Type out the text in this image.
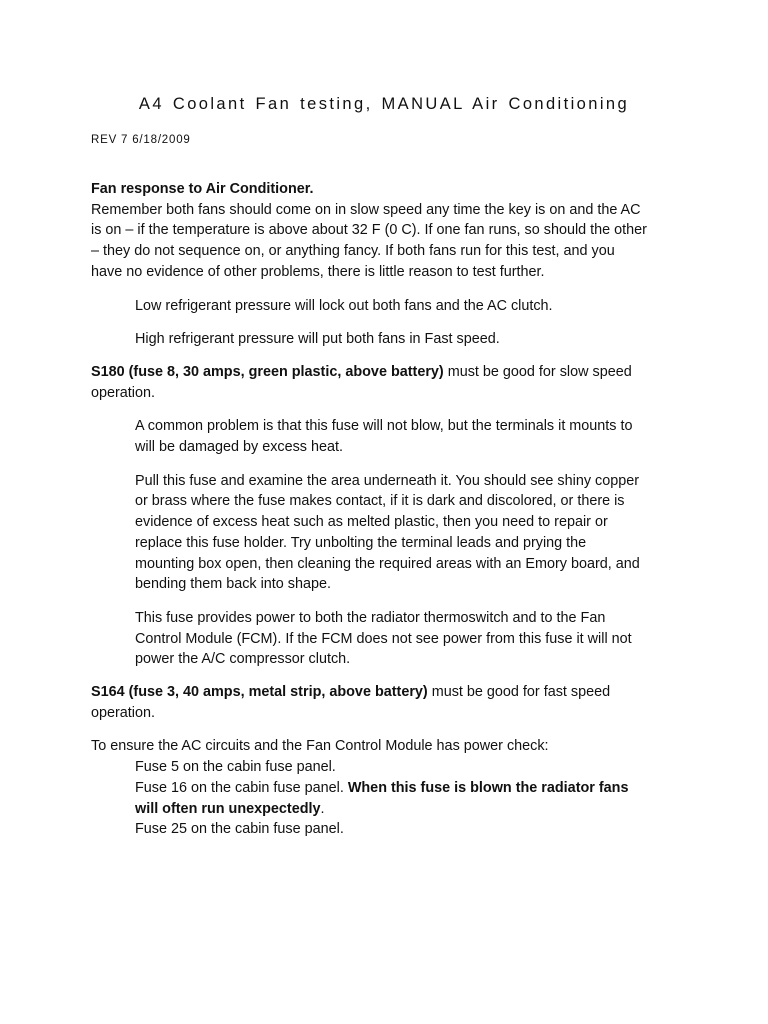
A4 Coolant Fan testing, MANUAL Air Conditioning

REV 7 6/18/2009

Fan response to Air Conditioner.

Remember both fans should come on in slow speed any time the key is on and the AC
is on – if the temperature is above about 32 F (0 C). If one fan runs, so should the other
– they do not sequence on, or anything fancy. If both fans run for this test, and you
have no evidence of other problems, there is little reason to test further.

Low refrigerant pressure will lock out both fans and the AC clutch.

High refrigerant pressure will put both fans in Fast speed.

S180 (fuse 8, 30 amps, green plastic, above battery) must be good for slow speed
operation.

A common problem is that this fuse will not blow, but the terminals it mounts to
will be damaged by excess heat.

Pull this fuse and examine the area underneath it. You should see shiny copper
or brass where the fuse makes contact, if it is dark and discolored, or there is
evidence of excess heat such as melted plastic, then you need to repair or
replace this fuse holder. Try unbolting the terminal leads and prying the
mounting box open, then cleaning the required areas with an Emory board, and
bending them back into shape.

This fuse provides power to both the radiator thermoswitch and to the Fan
Control Module (FCM). If the FCM does not see power from this fuse it will not
power the A/C compressor clutch.

S164 (fuse 3, 40 amps, metal strip, above battery) must be good for fast speed
operation.

To ensure the AC circuits and the Fan Control Module has power check:

Fuse 5 on the cabin fuse panel.
Fuse 16 on the cabin fuse panel. When this fuse is blown the radiator fans
will often run unexpectedly.
Fuse 25 on the cabin fuse panel.
